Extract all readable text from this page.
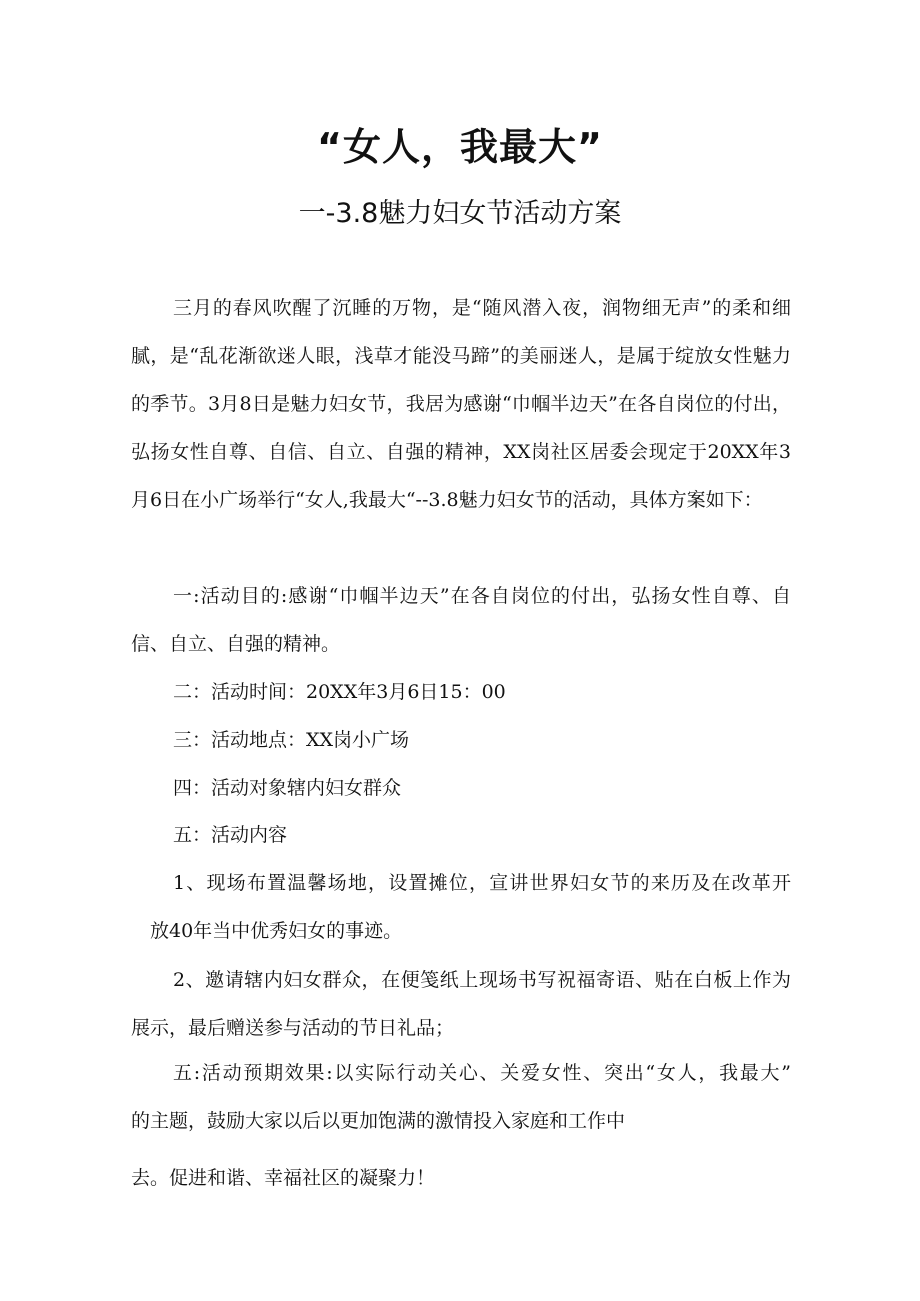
“女人，我最大”
一-3.8魅力妇女节活动方案
三月的春风吹醒了沉睡的万物，是“随风潜入夜，润物细无声”的柔和细腻，是“乱花渐欲迷人眼，浅草才能没马蹄”的美丽迷人，是属于绽放女性魅力的季节。3月8日是魅力妇女节，我居为感谢“巾帼半边天”在各自岗位的付出，弘扬女性自尊、自信、自立、自强的精神，XX岗社区居委会现定于20XX年3月6日在小广场举行“女人,我最大“--3.8魅力妇女节的活动，具体方案如下：
一:活动目的:感谢“巾帼半边天”在各自岗位的付出，弘扬女性自尊、自信、自立、自强的精神。
二：活动时间：20XX年3月6日15：00
三：活动地点：XX岗小广场
四：活动对象辖内妇女群众
五：活动内容
1、现场布置温馨场地，设置摊位，宣讲世界妇女节的来历及在改革开
放40年当中优秀妇女的事迹。
2、邀请辖内妇女群众，在便笺纸上现场书写祝福寄语、贴在白板上作为展示，最后赠送参与活动的节日礼品；
五:活动预期效果:以实际行动关心、关爱女性、突出“女人，我最大”
的主题，鼓励大家以后以更加饱满的激情投入家庭和工作中
去。促进和谐、幸福社区的凝聚力！
